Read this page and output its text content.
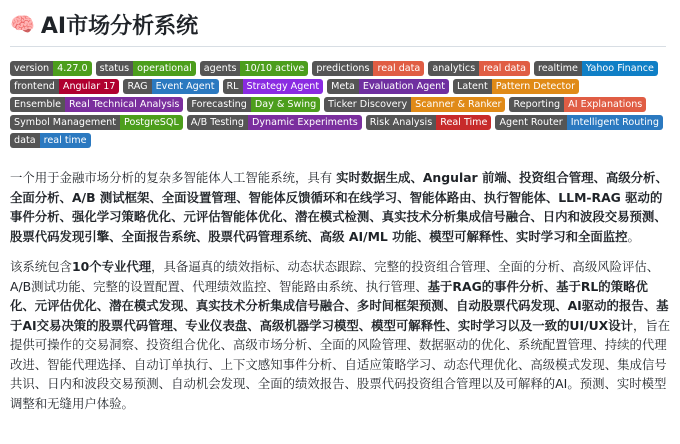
🧠 AI市场分析系统
version 4.27.0	status operational	agents 10/10 active	predictions real data	analytics real data	realtime Yahoo Finance
frontend Angular 17	RAG Event Agent	RL Strategy Agent	Meta Evaluation Agent	Latent Pattern Detector
Ensemble Real Technical Analysis	Forecasting Day & Swing	Ticker Discovery Scanner & Ranker	Reporting AI Explanations
Symbol Management PostgreSQL	A/B Testing Dynamic Experiments	Risk Analysis Real Time	Agent Router Intelligent Routing
data real time

一个用于金融市场分析的复杂多智能体人工智能系统，具有 实时数据生成、Angular 前端、投资组合管理、高级分析、全面分析、A/B 测试框架、全面设置管理、智能体反馈循环和在线学习、智能体路由、执行智能体、LLM-RAG 驱动的事件分析、强化学习策略优化、元评估智能体优化、潜在模式检测、真实技术分析集成信号融合、日内和波段交易预测、股票代码发现引擎、全面报告系统、股票代码管理系统、高级 AI/ML 功能、模型可解释性、实时学习和全面监控。

该系统包含10个专业代理，具备逼真的绩效指标、动态状态跟踪、完整的投资组合管理、全面的分析、高级风险评估、A/B测试功能、完整的设置配置、代理绩效监控、智能路由系统、执行管理、基于RAG的事件分析、基于RL的策略优化、元评估优化、潜在模式发现、真实技术分析集成信号融合、多时间框架预测、自动股票代码发现、AI驱动的报告、基于AI交易决策的股票代码管理、专业仪表盘、高级机器学习模型、模型可解释性、实时学习以及一致的UI/UX设计，旨在提供可操作的交易洞察、投资组合优化、高级市场分析、全面的风险管理、数据驱动的优化、系统配置管理、持续的代理改进、智能代理选择、自动订单执行、上下文感知事件分析、自适应策略学习、动态代理优化、高级模式发现、集成信号共识、日内和波段交易预测、自动机会发现、全面的绩效报告、股票代码投资组合管理以及可解释的AI。预测、实时模型调整和无缝用户体验。
